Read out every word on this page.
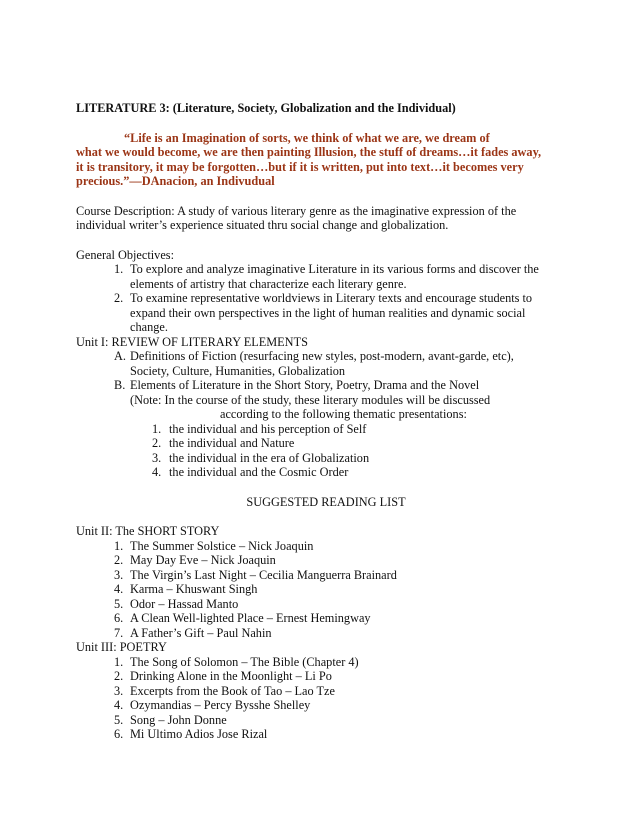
LITERATURE 3: (Literature, Society, Globalization and the Individual)
“Life is an Imagination of sorts, we think of what we are, we dream of
what we would become, we are then painting Illusion, the stuff of dreams…it fades away,
it is transitory, it may be forgotten…but if it is written, put into text…it becomes very
precious.”—DAnacion, an Indivudual
Course Description: A study of various literary genre as the imaginative expression of the
individual writer’s experience situated thru social change and globalization.
General Objectives:
1. To explore and analyze imaginative Literature in its various forms and discover the
elements of artistry that characterize each literary genre.
2. To examine representative worldviews in Literary texts and encourage students to
expand their own perspectives in the light of human realities and dynamic social
change.
Unit I: REVIEW OF LITERARY ELEMENTS
A. Definitions of Fiction (resurfacing new styles, post-modern, avant-garde, etc),
Society, Culture, Humanities, Globalization
B. Elements of Literature in the Short Story, Poetry, Drama and the Novel
(Note: In the course of the study, these literary modules will be discussed
according to the following thematic presentations:
1. the individual and his perception of Self
2. the individual and Nature
3. the individual in the era of Globalization
4. the individual and the Cosmic Order
SUGGESTED READING LIST
Unit II: The SHORT STORY
1. The Summer Solstice – Nick Joaquin
2. May Day Eve – Nick Joaquin
3. The Virgin’s Last Night – Cecilia Manguerra Brainard
4. Karma – Khuswant Singh
5. Odor – Hassad Manto
6. A Clean Well-lighted Place – Ernest Hemingway
7. A Father’s Gift – Paul Nahin
Unit III: POETRY
1. The Song of Solomon – The Bible (Chapter 4)
2. Drinking Alone in the Moonlight – Li Po
3. Excerpts from the Book of Tao – Lao Tze
4. Ozymandias – Percy Bysshe Shelley
5. Song – John Donne
6. Mi Ultimo Adios Jose Rizal
